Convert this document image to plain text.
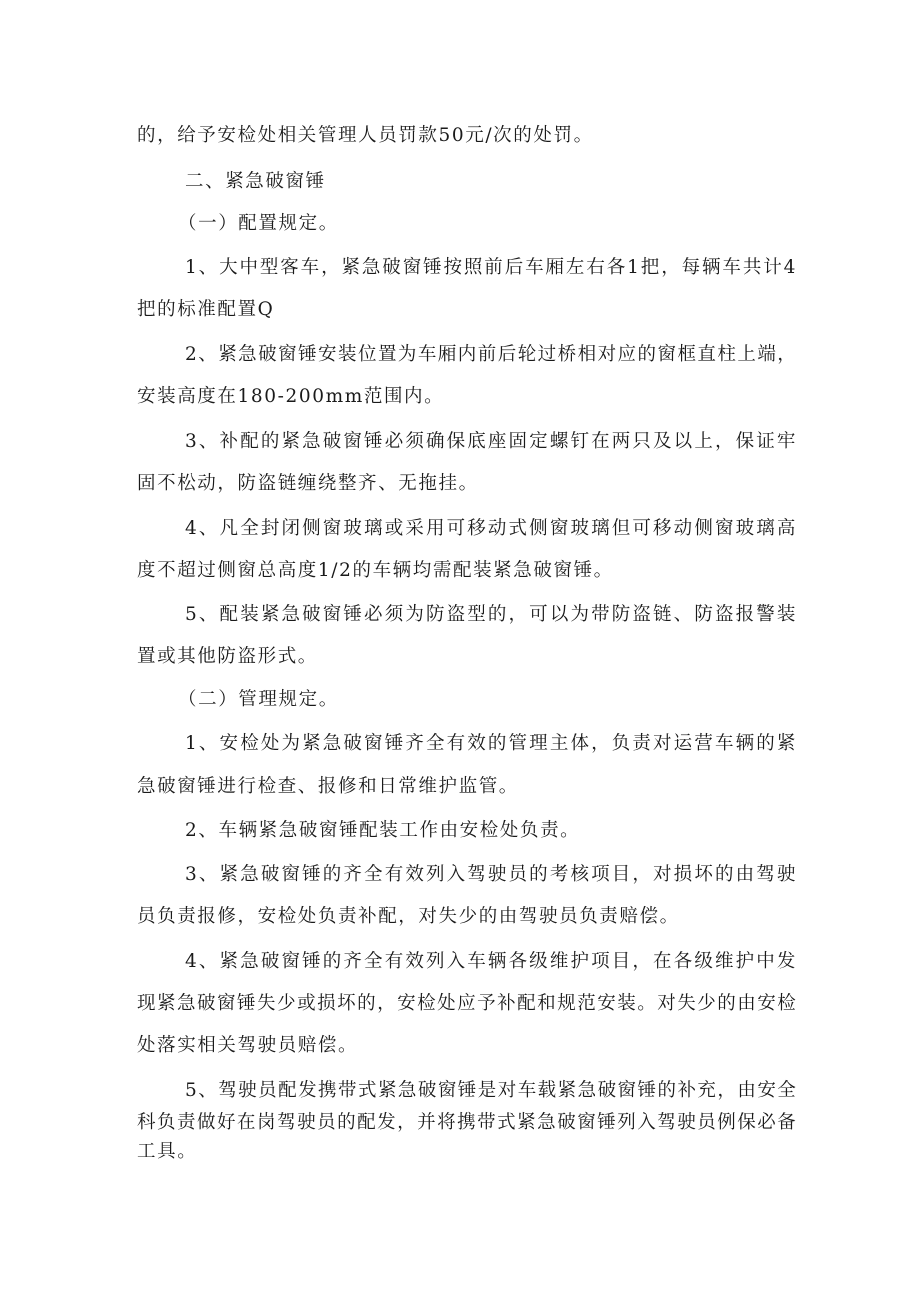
的，给予安检处相关管理人员罚款50元/次的处罚。
二、紧急破窗锤
（一）配置规定。
1、大中型客车，紧急破窗锤按照前后车厢左右各1把，每辆车共计4
把的标准配置Q
2、紧急破窗锤安装位置为车厢内前后轮过桥相对应的窗框直柱上端，
安装高度在180-200mm范围内。
3、补配的紧急破窗锤必须确保底座固定螺钉在两只及以上，保证牢
固不松动，防盗链缠绕整齐、无拖挂。
4、凡全封闭侧窗玻璃或采用可移动式侧窗玻璃但可移动侧窗玻璃高
度不超过侧窗总高度1/2的车辆均需配装紧急破窗锤。
5、配装紧急破窗锤必须为防盗型的，可以为带防盗链、防盗报警装
置或其他防盗形式。
（二）管理规定。
1、安检处为紧急破窗锤齐全有效的管理主体，负责对运营车辆的紧
急破窗锤进行检查、报修和日常维护监管。
2、车辆紧急破窗锤配装工作由安检处负责。
3、紧急破窗锤的齐全有效列入驾驶员的考核项目，对损坏的由驾驶
员负责报修，安检处负责补配，对失少的由驾驶员负责赔偿。
4、紧急破窗锤的齐全有效列入车辆各级维护项目，在各级维护中发
现紧急破窗锤失少或损坏的，安检处应予补配和规范安装。对失少的由安检
处落实相关驾驶员赔偿。
5、驾驶员配发携带式紧急破窗锤是对车载紧急破窗锤的补充，由安全
科负责做好在岗驾驶员的配发，并将携带式紧急破窗锤列入驾驶员例保必备
工具。
